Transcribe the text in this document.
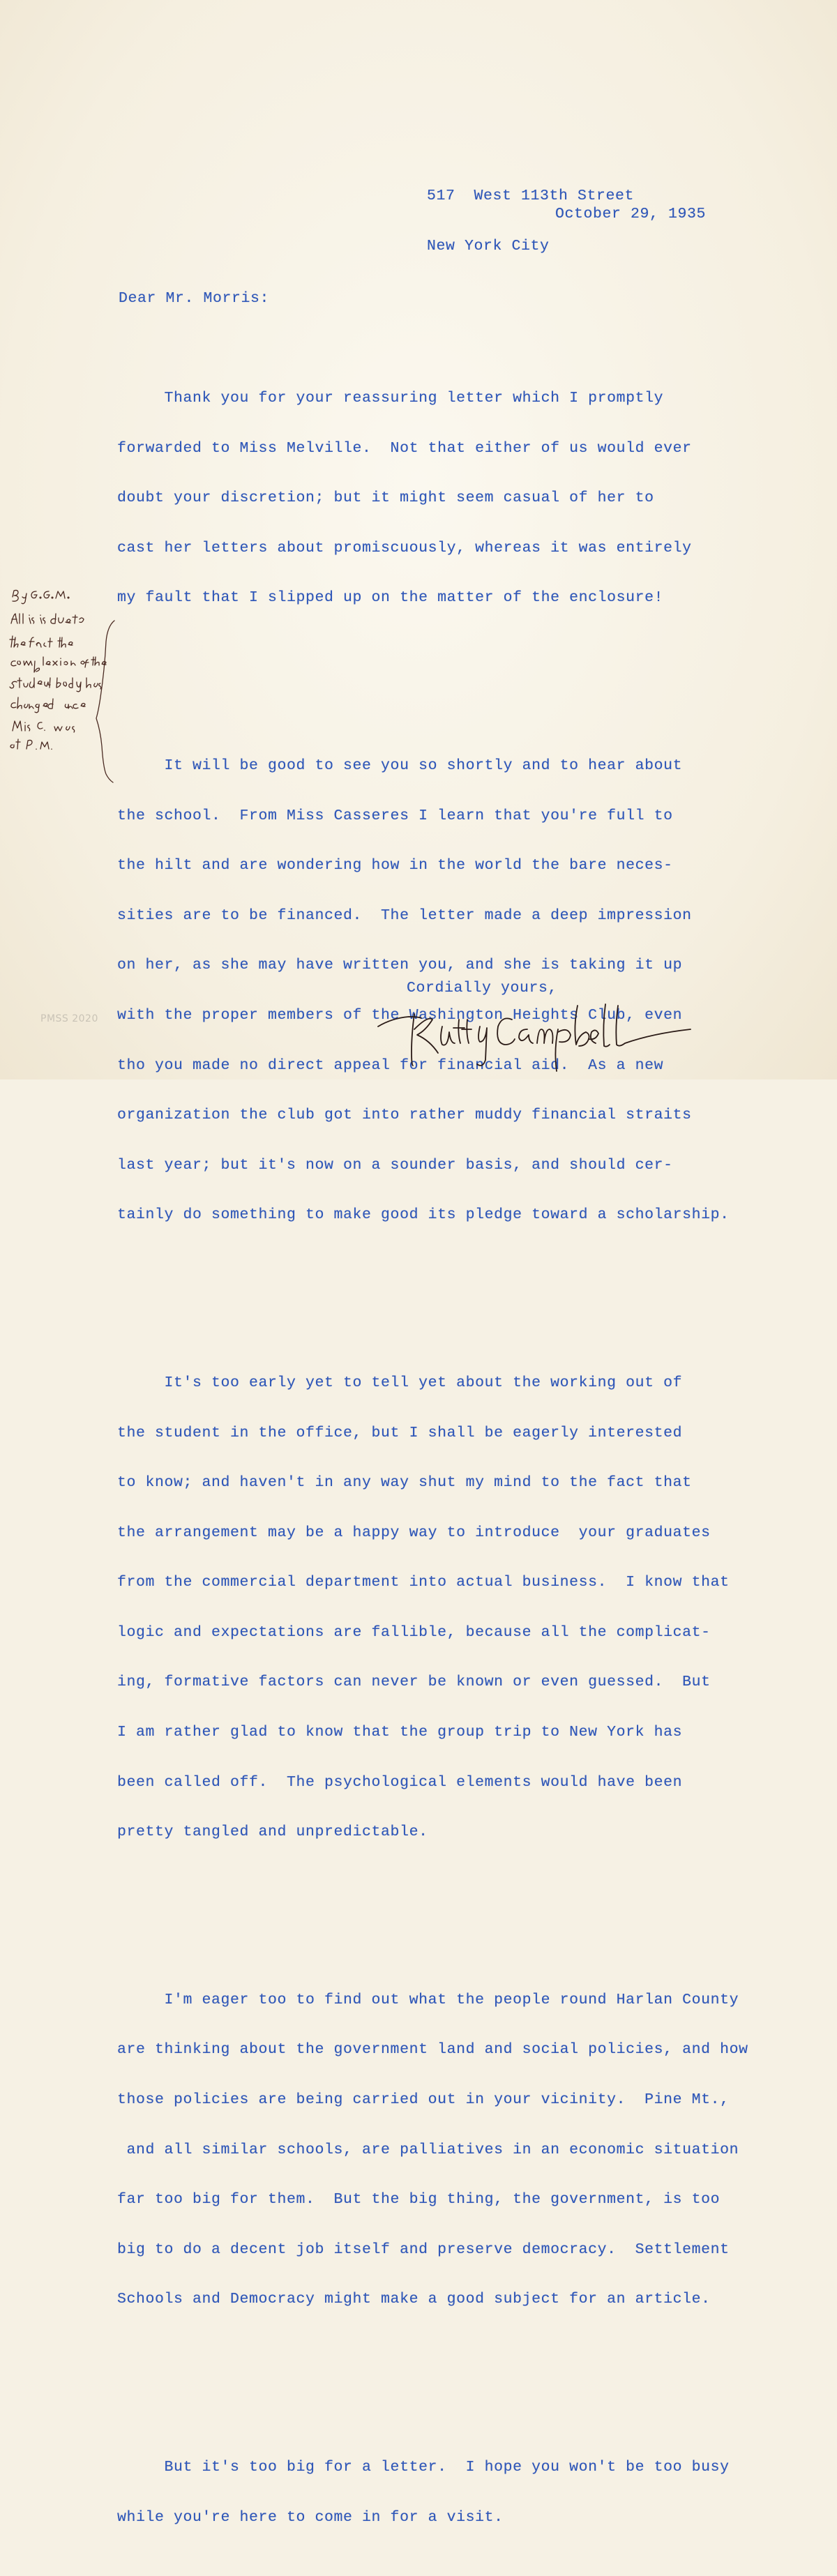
517  West 113th Street

New York City

October 29, 1935
Dear Mr. Morris:

Thank you for your reassuring letter which I promptly

forwarded to Miss Melville.  Not that either of us would ever

doubt your discretion; but it might seem casual of her to

cast her letters about promiscuously, whereas it was entirely

my fault that I slipped up on the matter of the enclosure!

It will be good to see you so shortly and to hear about

the school.  From Miss Casseres I learn that you're full to

the hilt and are wondering how in the world the bare neces-

sities are to be financed.  The letter made a deep impression

on her, as she may have written you, and she is taking it up

with the proper members of the Washington Heights Club, even

tho you made no direct appeal for financial aid.  As a new

organization the club got into rather muddy financial straits

last year; but it's now on a sounder basis, and should cer-

tainly do something to make good its pledge toward a scholarship.

It's too early yet to tell yet about the working out of

the student in the office, but I shall be eagerly interested

to know; and haven't in any way shut my mind to the fact that

the arrangement may be a happy way to introduce  your graduates

from the commercial department into actual business.  I know that

logic and expectations are fallible, because all the complicat-

ing, formative factors can never be known or even guessed.  But

I am rather glad to know that the group trip to New York has

been called off.  The psychological elements would have been

pretty tangled and unpredictable.

I'm eager too to find out what the people round Harlan County

are thinking about the government land and social policies, and how

those policies are being carried out in your vicinity.  Pine Mt.,

and all similar schools, are palliatives in an economic situation

far too big for them.  But the big thing, the government, is too

big to do a decent job itself and preserve democracy.  Settlement

Schools and Democracy might make a good subject for an article.

But it's too big for a letter.  I hope you won't be too busy

while you're here to come in for a visit.

Cordially yours,
PMSS 2020
